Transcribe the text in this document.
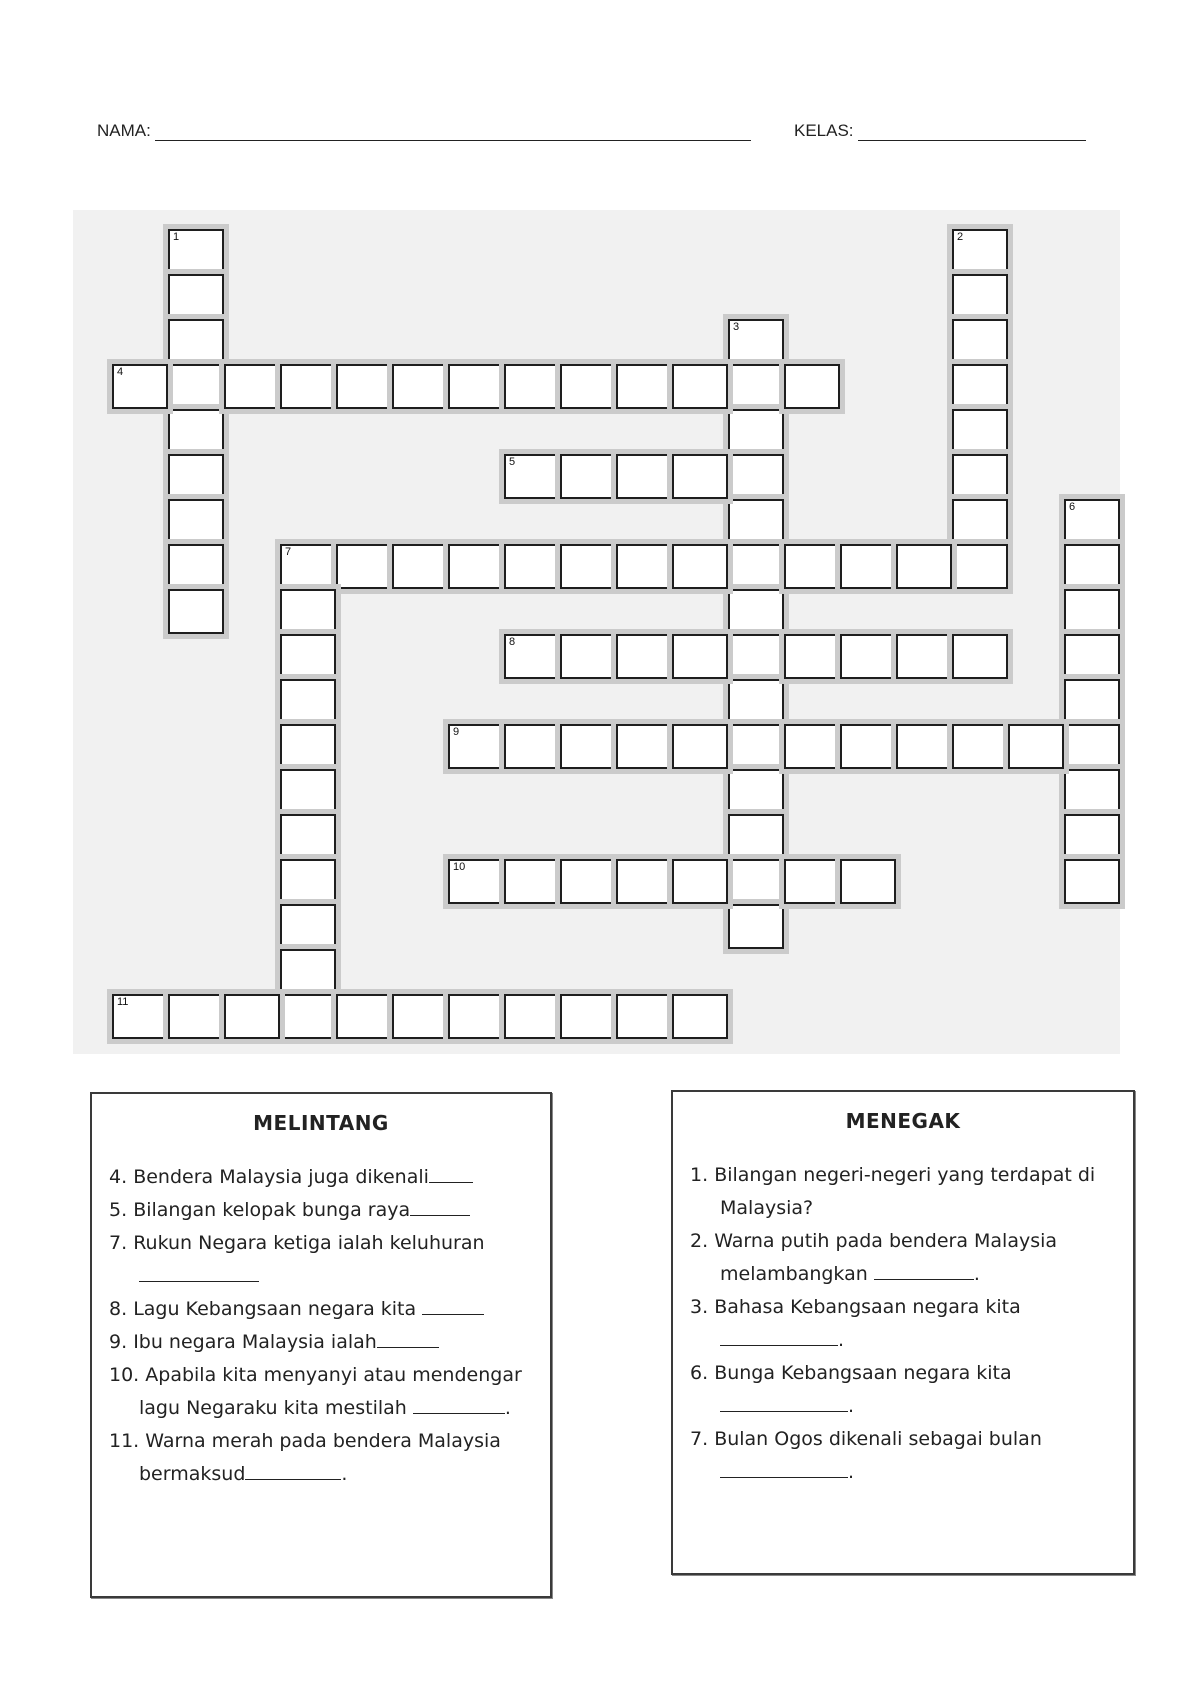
NAMA:	KELAS:
1	2
3
4
5
6
7
8
9
10
11
MELINTANG
4. Bendera Malaysia juga dikenali
5. Bilangan kelopak bunga raya
7. Rukun Negara ketiga ialah keluhuran
8. Lagu Kebangsaan negara kita
9. Ibu negara Malaysia ialah
10. Apabila kita menyanyi atau mendengar lagu Negaraku kita mestilah	.
11. Warna merah pada bendera Malaysia bermaksud	.
MENEGAK
1. Bilangan negeri-negeri yang terdapat di Malaysia?
2. Warna putih pada bendera Malaysia melambangkan	.
3. Bahasa Kebangsaan negara kita .
6. Bunga Kebangsaan negara kita .
7. Bulan Ogos dikenali sebagai bulan .
